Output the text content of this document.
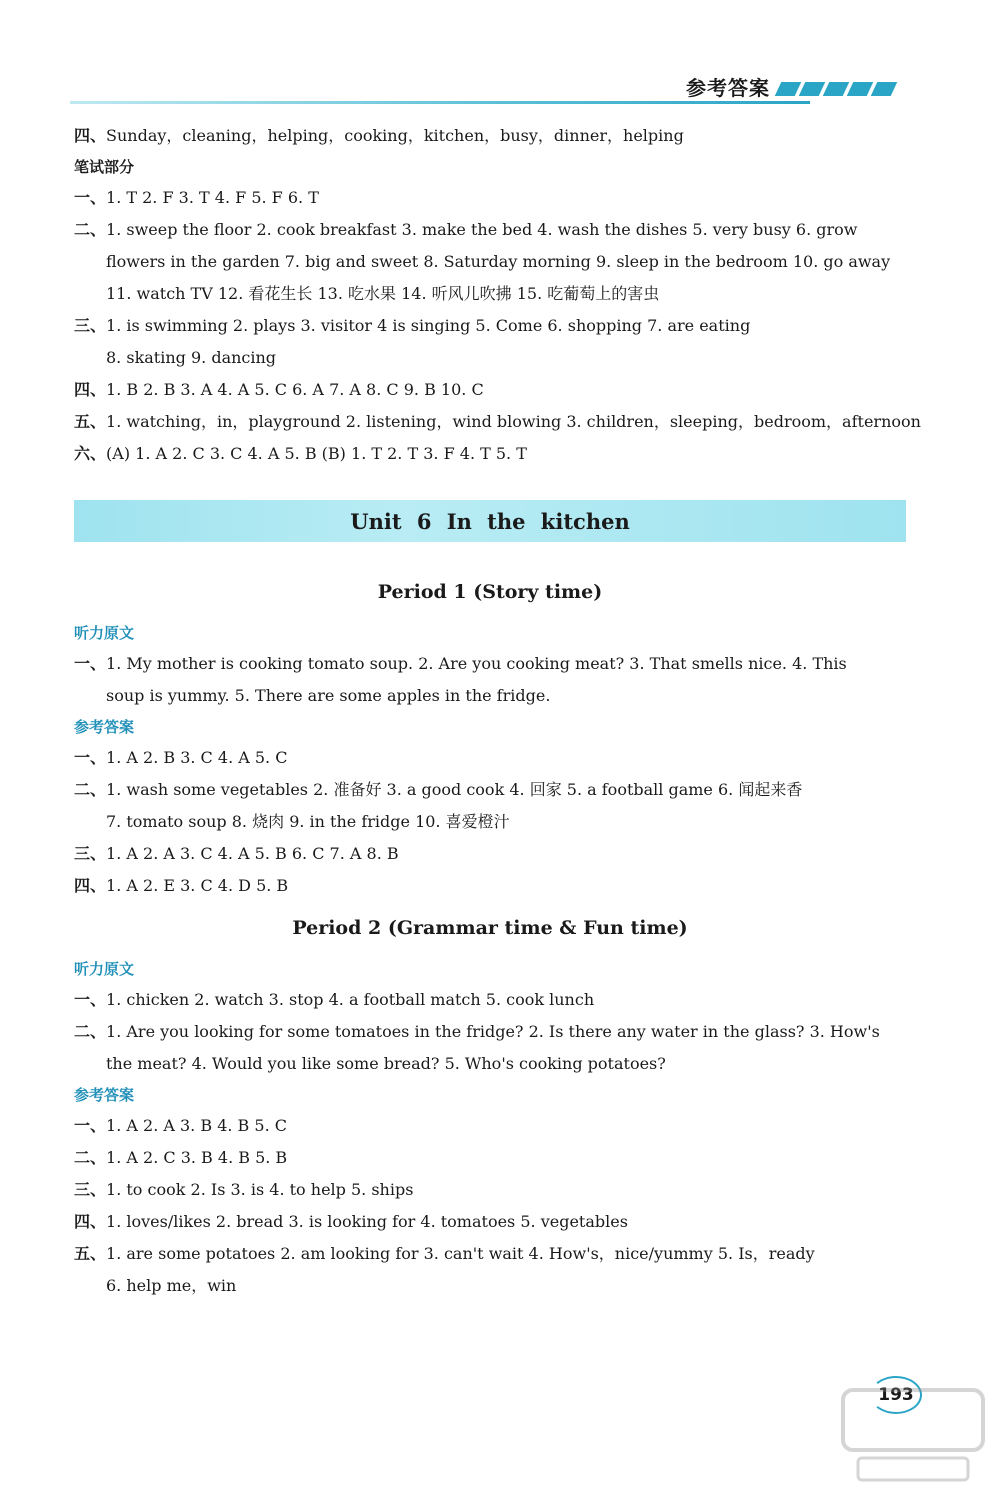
参考答案
四、Sunday，cleaning，helping，cooking，kitchen，busy，dinner，helping
笔试部分
一、1. T 2. F 3. T 4. F 5. F 6. T
二、1. sweep the floor 2. cook breakfast 3. make the bed 4. wash the dishes 5. very busy 6. grow
flowers in the garden 7. big and sweet 8. Saturday morning 9. sleep in the bedroom 10. go away
11. watch TV 12. 看花生长 13. 吃水果 14. 听风儿吹拂 15. 吃葡萄上的害虫
三、1. is swimming 2. plays 3. visitor 4 is singing 5. Come 6. shopping 7. are eating
8. skating 9. dancing
四、1. B 2. B 3. A 4. A 5. C 6. A 7. A 8. C 9. B 10. C
五、1. watching，in，playground 2. listening，wind blowing 3. children，sleeping，bedroom，afternoon
六、(A) 1. A 2. C 3. C 4. A 5. B (B) 1. T 2. T 3. F 4. T 5. T
Unit 6 In the kitchen
Period 1 (Story time)
听力原文
一、1. My mother is cooking tomato soup. 2. Are you cooking meat? 3. That smells nice. 4. This
soup is yummy. 5. There are some apples in the fridge.
参考答案
一、1. A 2. B 3. C 4. A 5. C
二、1. wash some vegetables 2. 准备好 3. a good cook 4. 回家 5. a football game 6. 闻起来香
7. tomato soup 8. 烧肉 9. in the fridge 10. 喜爱橙汁
三、1. A 2. A 3. C 4. A 5. B 6. C 7. A 8. B
四、1. A 2. E 3. C 4. D 5. B
Period 2 (Grammar time & Fun time)
听力原文
一、1. chicken 2. watch 3. stop 4. a football match 5. cook lunch
二、1. Are you looking for some tomatoes in the fridge? 2. Is there any water in the glass? 3. How's
the meat? 4. Would you like some bread? 5. Who's cooking potatoes?
参考答案
一、1. A 2. A 3. B 4. B 5. C
二、1. A 2. C 3. B 4. B 5. B
三、1. to cook 2. Is 3. is 4. to help 5. ships
四、1. loves/likes 2. bread 3. is looking for 4. tomatoes 5. vegetables
五、1. are some potatoes 2. am looking for 3. can't wait 4. How's，nice/yummy 5. Is，ready
6. help me，win
193
